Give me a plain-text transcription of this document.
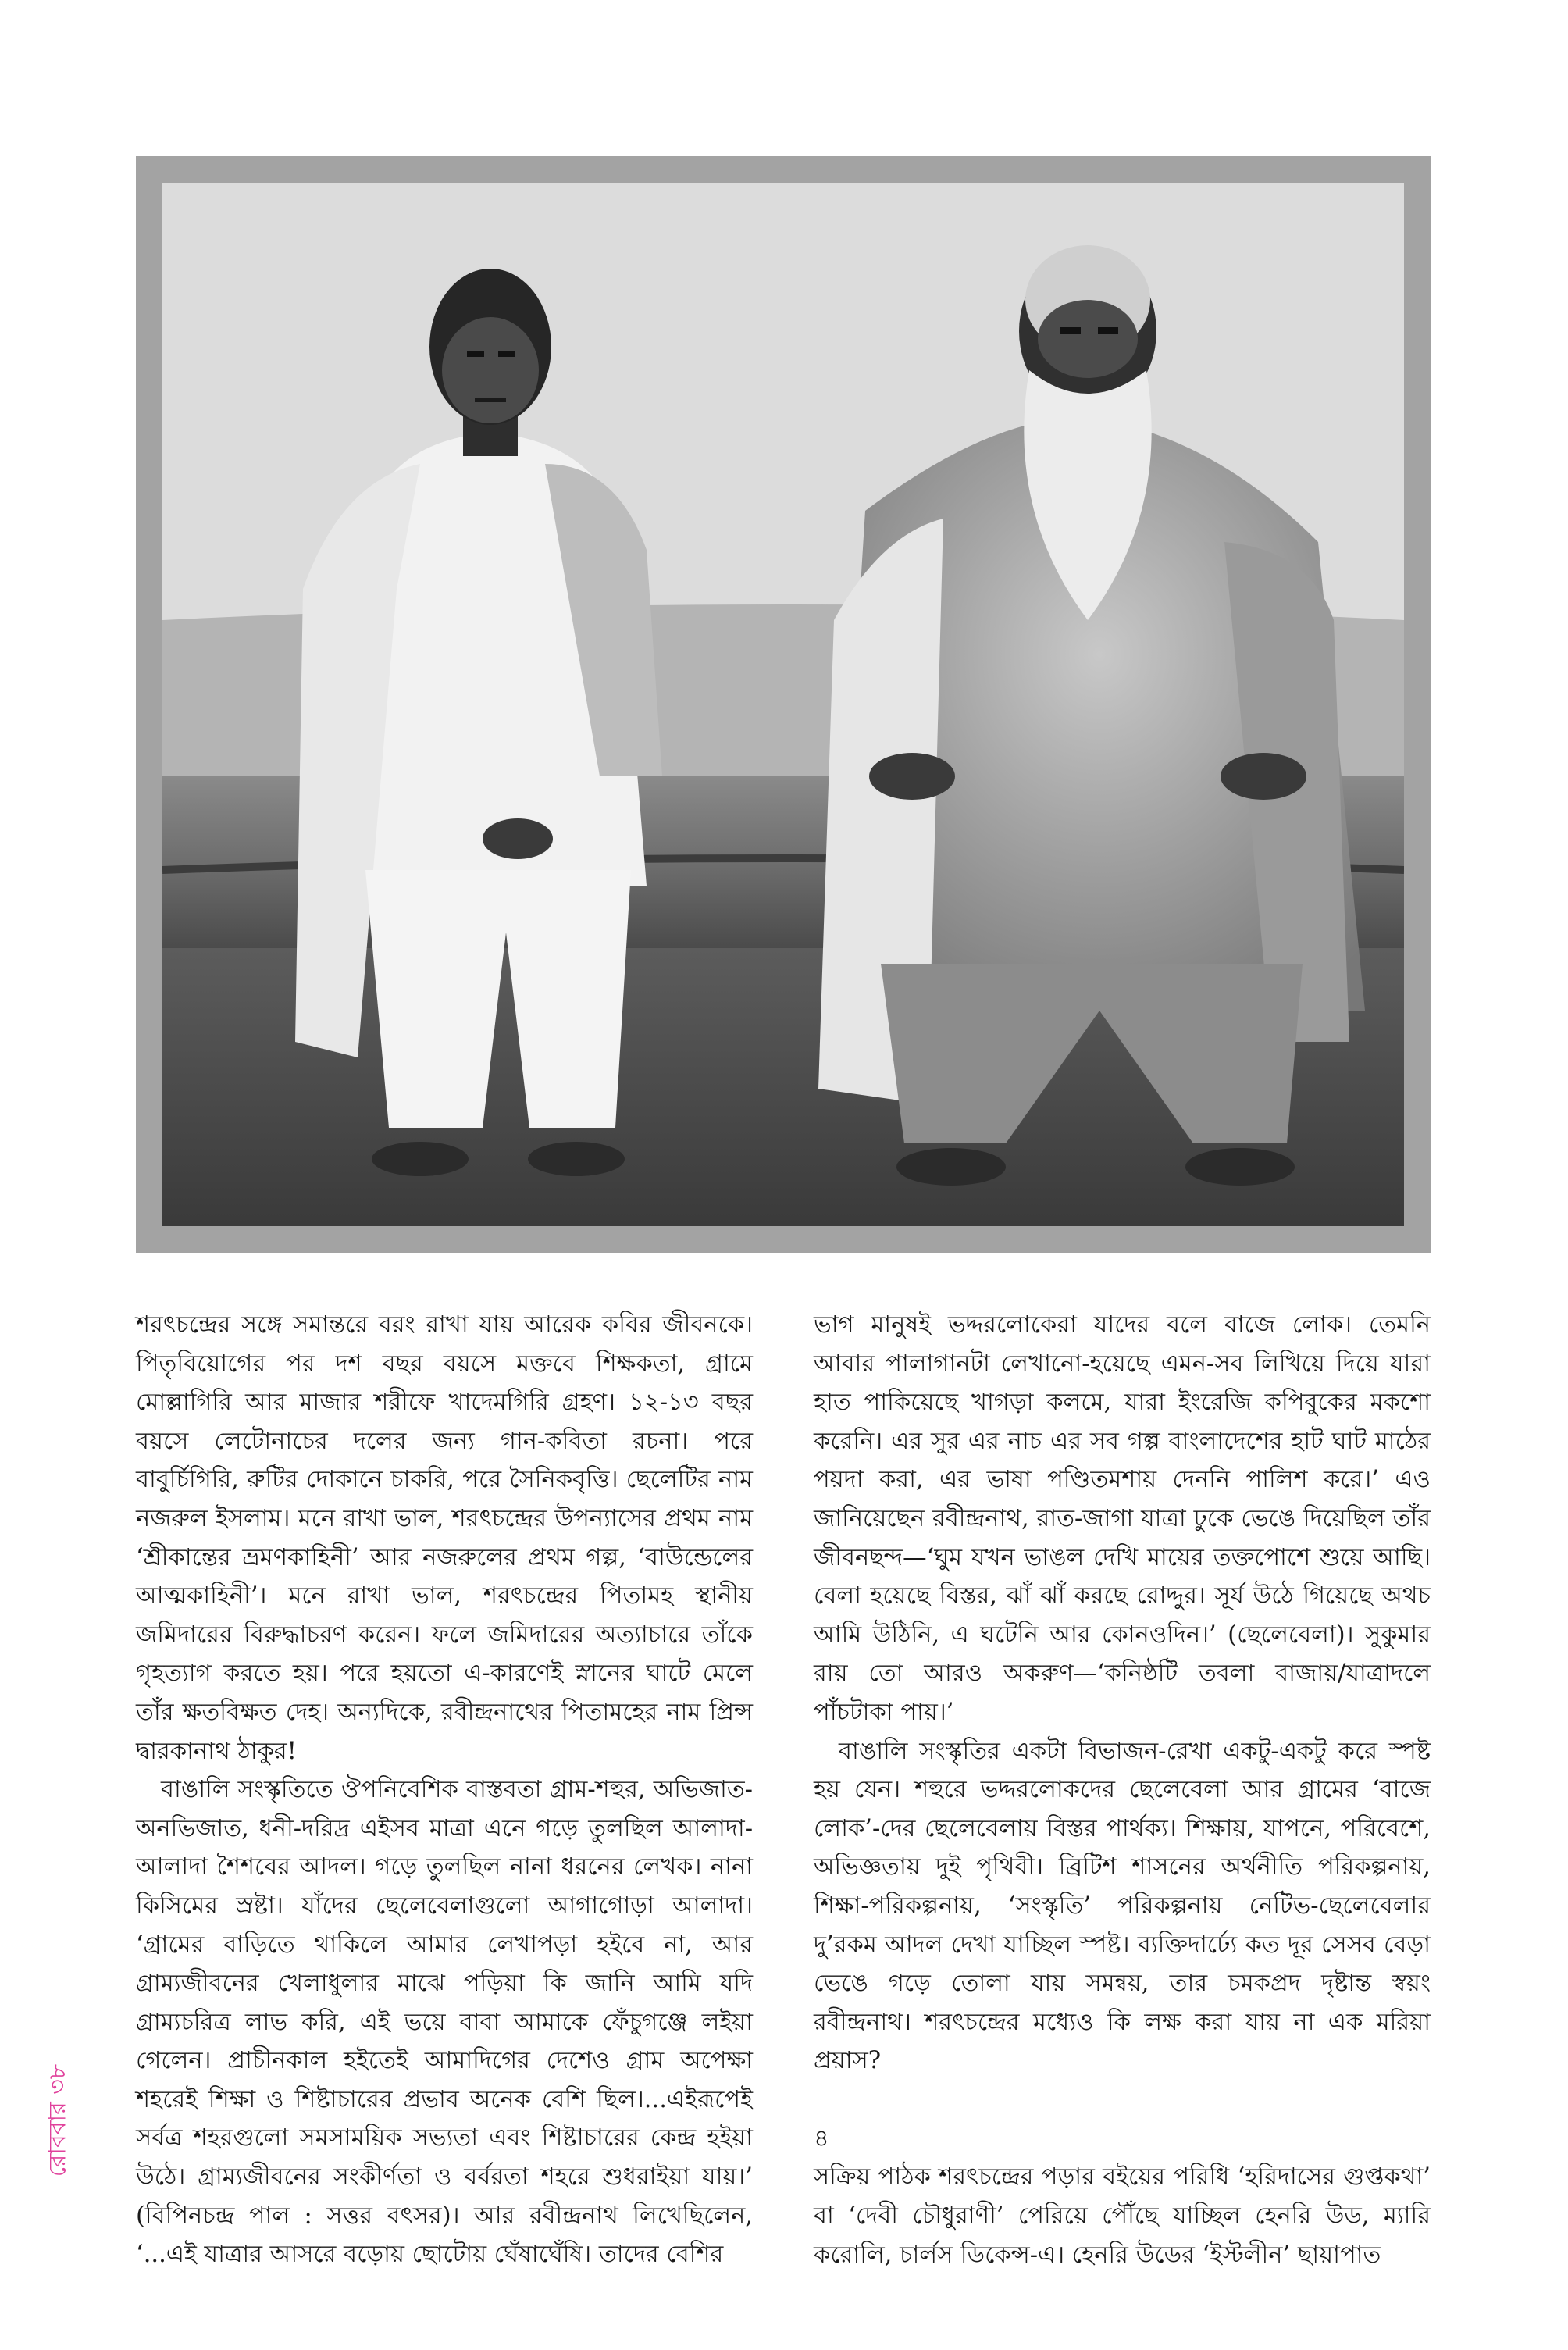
শরৎচন্দ্রের সঙ্গে সমান্তরে বরং রাখা যায় আরেক কবির জীবনকে। পিতৃবিয়োগের পর দশ বছর বয়সে মক্তবে শিক্ষকতা, গ্রামে মোল্লাগিরি আর মাজার শরীফে খাদেমগিরি গ্রহণ। ১২-১৩ বছর বয়সে লেটোনাচের দলের জন্য গান-কবিতা রচনা। পরে বাবুর্চিগিরি, রুটির দোকানে চাকরি, পরে সৈনিকবৃত্তি। ছেলেটির নাম নজরুল ইসলাম। মনে রাখা ভাল, শরৎচন্দ্রের উপন্যাসের প্রথম নাম ‘শ্রীকান্তের ভ্রমণকাহিনী’ আর নজরুলের প্রথম গল্প, ‘বাউন্ডেলের আত্মকাহিনী’। মনে রাখা ভাল, শরৎচন্দ্রের পিতামহ স্থানীয় জমিদারের বিরুদ্ধাচরণ করেন। ফলে জমিদারের অত্যাচারে তাঁকে গৃহত্যাগ করতে হয়। পরে হয়তো এ-কারণেই স্নানের ঘাটে মেলে তাঁর ক্ষতবিক্ষত দেহ। অন্যদিকে, রবীন্দ্রনাথের পিতামহের নাম প্রিন্স দ্বারকানাথ ঠাকুর!

বাঙালি সংস্কৃতিতে ঔপনিবেশিক বাস্তবতা গ্রাম-শহুর, অভিজাত-অনভিজাত, ধনী-দরিদ্র এইসব মাত্রা এনে গড়ে তুলছিল আলাদা-আলাদা শৈশবের আদল। গড়ে তুলছিল নানা ধরনের লেখক। নানা কিসিমের স্রষ্টা। যাঁদের ছেলেবেলাগুলো আগাগোড়া আলাদা। ‘গ্রামের বাড়িতে থাকিলে আমার লেখাপড়া হইবে না, আর গ্রাম্যজীবনের খেলাধুলার মাঝে পড়িয়া কি জানি আমি যদি গ্রাম্যচরিত্র লাভ করি, এই ভয়ে বাবা আমাকে ফেঁচুগঞ্জে লইয়া গেলেন। প্রাচীনকাল হইতেই আমাদিগের দেশেও গ্রাম অপেক্ষা শহরেই শিক্ষা ও শিষ্টাচারের প্রভাব অনেক বেশি ছিল।...এইরূপেই সর্বত্র শহরগুলো সমসাময়িক সভ্যতা এবং শিষ্টাচারের কেন্দ্র হইয়া উঠে। গ্রাম্যজীবনের সংকীর্ণতা ও বর্বরতা শহরে শুধরাইয়া যায়।’ (বিপিনচন্দ্র পাল : সত্তর বৎসর)। আর রবীন্দ্রনাথ লিখেছিলেন, ‘...এই যাত্রার আসরে বড়োয় ছোটোয় ঘেঁষাঘেঁষি। তাদের বেশির

ভাগ মানুষই ভদ্দরলোকেরা যাদের বলে বাজে লোক। তেমনি আবার পালাগানটা লেখানো-হয়েছে এমন-সব লিখিয়ে দিয়ে যারা হাত পাকিয়েছে খাগড়া কলমে, যারা ইংরেজি কপিবুকের মকশো করেনি। এর সুর এর নাচ এর সব গল্প বাংলাদেশের হাট ঘাট মাঠের পয়দা করা, এর ভাষা পণ্ডিতমশায় দেননি পালিশ করে।’ এও জানিয়েছেন রবীন্দ্রনাথ, রাত-জাগা যাত্রা ঢুকে ভেঙে দিয়েছিল তাঁর জীবনছন্দ—‘ঘুম যখন ভাঙল দেখি মায়ের তক্তপোশে শুয়ে আছি। বেলা হয়েছে বিস্তর, ঝাঁ ঝাঁ করছে রোদ্দুর। সূর্য উঠে গিয়েছে অথচ আমি উঠিনি, এ ঘটেনি আর কোনওদিন।’ (ছেলেবেলা)। সুকুমার রায় তো আরও অকরুণ—‘কনিষ্ঠটি তবলা বাজায়/যাত্রাদলে পাঁচটাকা পায়।’

বাঙালি সংস্কৃতির একটা বিভাজন-রেখা একটু-একটু করে স্পষ্ট হয় যেন। শহুরে ভদ্দরলোকদের ছেলেবেলা আর গ্রামের ‘বাজে লোক’-দের ছেলেবেলায় বিস্তর পার্থক্য। শিক্ষায়, যাপনে, পরিবেশে, অভিজ্ঞতায় দুই পৃথিবী। ব্রিটিশ শাসনের অর্থনীতি পরিকল্পনায়, শিক্ষা-পরিকল্পনায়, ‘সংস্কৃতি’ পরিকল্পনায় নেটিভ-ছেলেবেলার দু’রকম আদল দেখা যাচ্ছিল স্পষ্ট। ব্যক্তিদার্ঢ্যে কত দূর সেসব বেড়া ভেঙে গড়ে তোলা যায় সমন্বয়, তার চমকপ্রদ দৃষ্টান্ত স্বয়ং রবীন্দ্রনাথ। শরৎচন্দ্রের মধ্যেও কি লক্ষ করা যায় না এক মরিয়া প্রয়াস?

৪

সক্রিয় পাঠক শরৎচন্দ্রের পড়ার বইয়ের পরিধি ‘হরিদাসের গুপ্তকথা’ বা ‘দেবী চৌধুরাণী’ পেরিয়ে পৌঁছে যাচ্ছিল হেনরি উড, ম্যারি করোলি, চার্লস ডিকেন্স-এ। হেনরি উডের ‘ইস্টলীন’ ছায়াপাত

রোববার ৩৮
